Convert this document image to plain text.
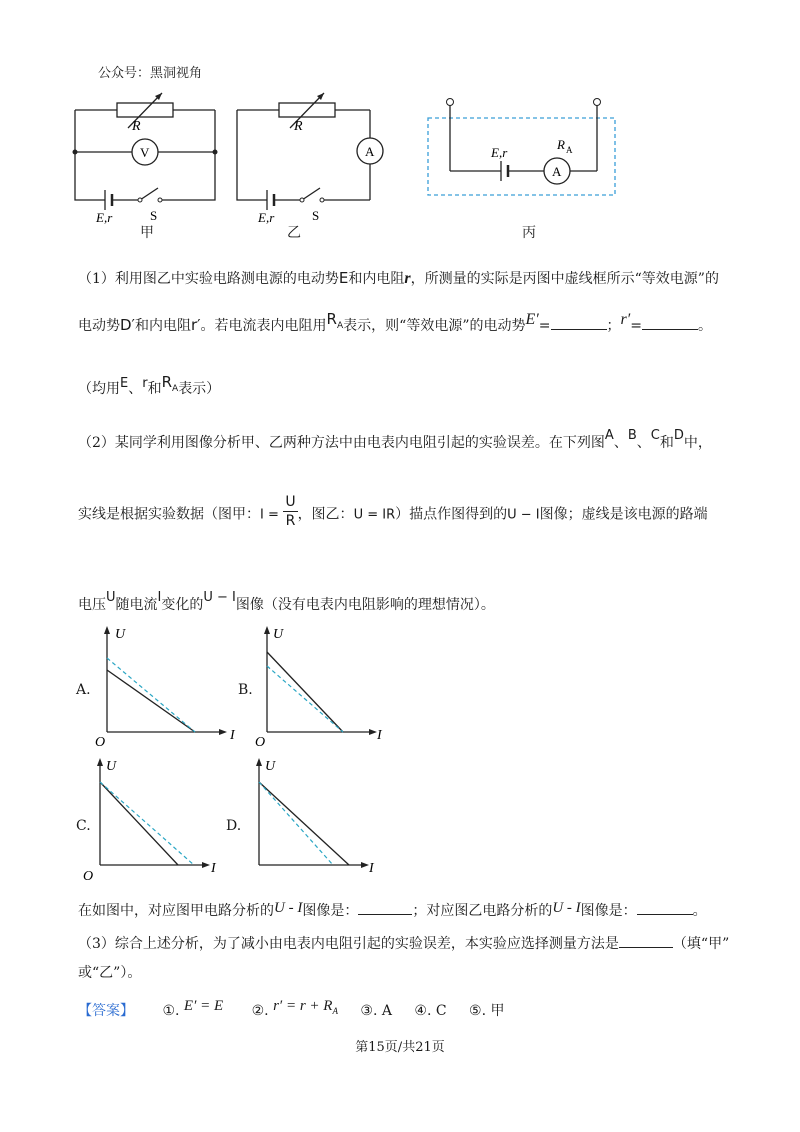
公众号：黑洞视角
R
V
E,r	S
甲
R
A
E,r	S
乙
E,r
R A
A
丙
（1）利用图乙中实验电路测电源的电动势E和内电阻r，所测量的实际是丙图中虚线框所示“等效电源”的
电动势D′和内电阻r′。若电流表内电阻用RA表示，则“等效电源”的电动势E′=	；r′=	。
（均用E、r和RA表示）
（2）某同学利用图像分析甲、乙两种方法中由电表内电阻引起的实验误差。在下列图A、B、C和D中，
实线是根据实验数据（图甲：$I = \frac{U}{R}$ ，图乙：U = IR）描点作图得到的U − I图像；虚线是该电源的路端
电压U随电流I变化的U − I图像（没有电表内电阻影响的理想情况）。
A.
U
I
O
B.
U
I
O
C.
U
I
O
D.
U
I
在如图中，对应图甲电路分析的U - I图像是：	；对应图乙电路分析的U - I图像是：	。
（3）综合上述分析，为了减小由电表内电阻引起的实验误差，本实验应选择测量方法是	（填“甲”
或“乙”）。
【答案】 ①. E′ = E ②. r′ = r + RA ③. A ④. C ⑤. 甲
第15页/共21页
